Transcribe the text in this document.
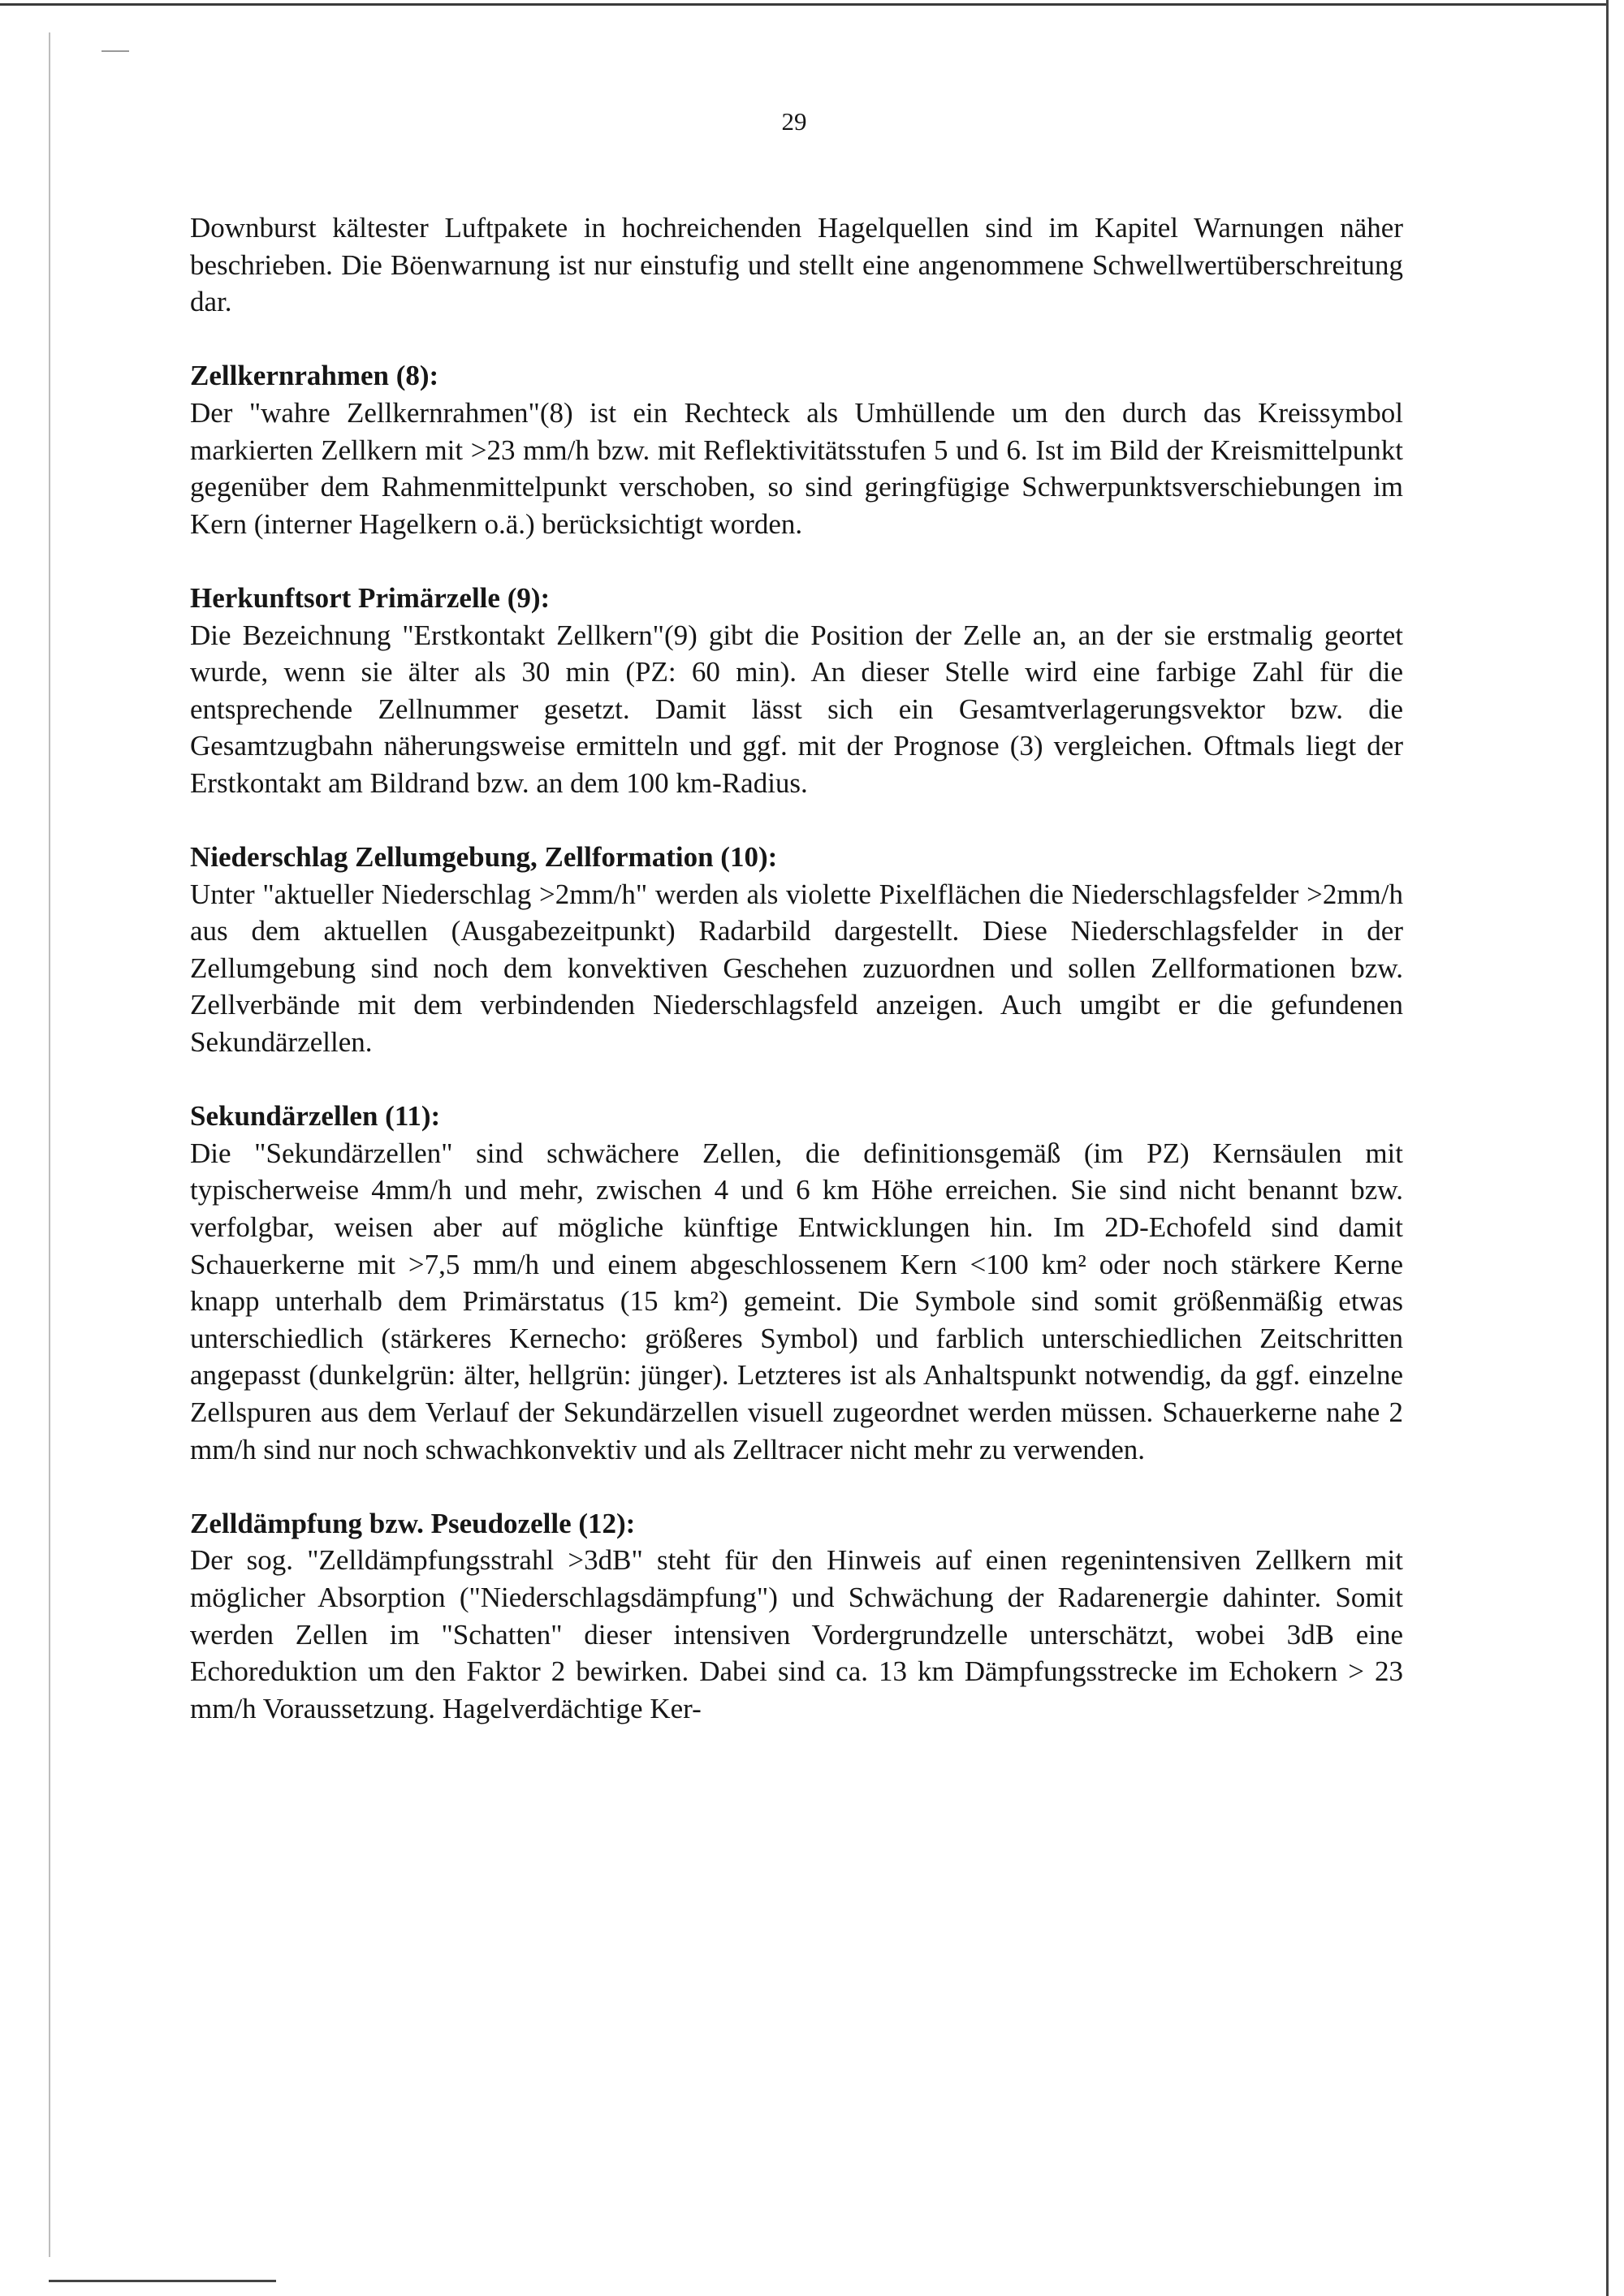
29

Downburst kältester Luftpakete in hochreichenden Hagelquellen sind im Kapitel Warnungen näher beschrieben. Die Böenwarnung ist nur einstufig und stellt eine angenommene Schwellwertüberschreitung dar.

Zellkernrahmen (8):

Der "wahre Zellkernrahmen"(8) ist ein Rechteck als Umhüllende um den durch das Kreissymbol markierten Zellkern mit >23 mm/h bzw. mit Reflektivitätsstufen 5 und 6. Ist im Bild der Kreismittelpunkt gegenüber dem Rahmenmittelpunkt verschoben, so sind geringfügige Schwerpunktsverschiebungen im Kern (interner Hagelkern o.ä.) berücksichtigt worden.

Herkunftsort Primärzelle (9):

Die Bezeichnung "Erstkontakt Zellkern"(9) gibt die Position der Zelle an, an der sie erstmalig geortet wurde, wenn sie älter als 30 min (PZ: 60 min). An dieser Stelle wird eine farbige Zahl für die entsprechende Zellnummer gesetzt. Damit lässt sich ein Gesamtverlagerungsvektor bzw. die Gesamtzugbahn näherungsweise ermitteln und ggf. mit der Prognose (3) vergleichen. Oftmals liegt der Erstkontakt am Bildrand bzw. an dem 100 km-Radius.

Niederschlag Zellumgebung, Zellformation (10):

Unter "aktueller Niederschlag >2mm/h" werden als violette Pixelflächen die Niederschlagsfelder >2mm/h aus dem aktuellen (Ausgabezeitpunkt) Radarbild dargestellt. Diese Niederschlagsfelder in der Zellumgebung sind noch dem konvektiven Geschehen zuzuordnen und sollen Zellformationen bzw. Zellverbände mit dem verbindenden Niederschlagsfeld anzeigen. Auch umgibt er die gefundenen Sekundärzellen.

Sekundärzellen (11):

Die "Sekundärzellen" sind schwächere Zellen, die definitionsgemäß (im PZ) Kernsäulen mit typischerweise 4mm/h und mehr, zwischen 4 und 6 km Höhe erreichen. Sie sind nicht benannt bzw. verfolgbar, weisen aber auf mögliche künftige Entwicklungen hin. Im 2D-Echofeld sind damit Schauerkerne mit >7,5 mm/h und einem abgeschlossenem Kern <100 km² oder noch stärkere Kerne knapp unterhalb dem Primärstatus (15 km²) gemeint. Die Symbole sind somit größenmäßig etwas unterschiedlich (stärkeres Kernecho: größeres Symbol) und farblich unterschiedlichen Zeitschritten angepasst (dunkelgrün: älter, hellgrün: jünger). Letzteres ist als Anhaltspunkt notwendig, da ggf. einzelne Zellspuren aus dem Verlauf der Sekundärzellen visuell zugeordnet werden müssen. Schauerkerne nahe 2 mm/h sind nur noch schwachkonvektiv und als Zelltracer nicht mehr zu verwenden.

Zelldämpfung bzw. Pseudozelle (12):

Der sog. "Zelldämpfungsstrahl >3dB" steht für den Hinweis auf einen regenintensiven Zellkern mit möglicher Absorption ("Niederschlagsdämpfung") und Schwächung der Radarenergie dahinter. Somit werden Zellen im "Schatten" dieser intensiven Vordergrundzelle unterschätzt, wobei 3dB eine Echoreduktion um den Faktor 2 bewirken. Dabei sind ca. 13 km Dämpfungsstrecke im Echokern > 23 mm/h Voraussetzung. Hagelverdächtige Ker-
